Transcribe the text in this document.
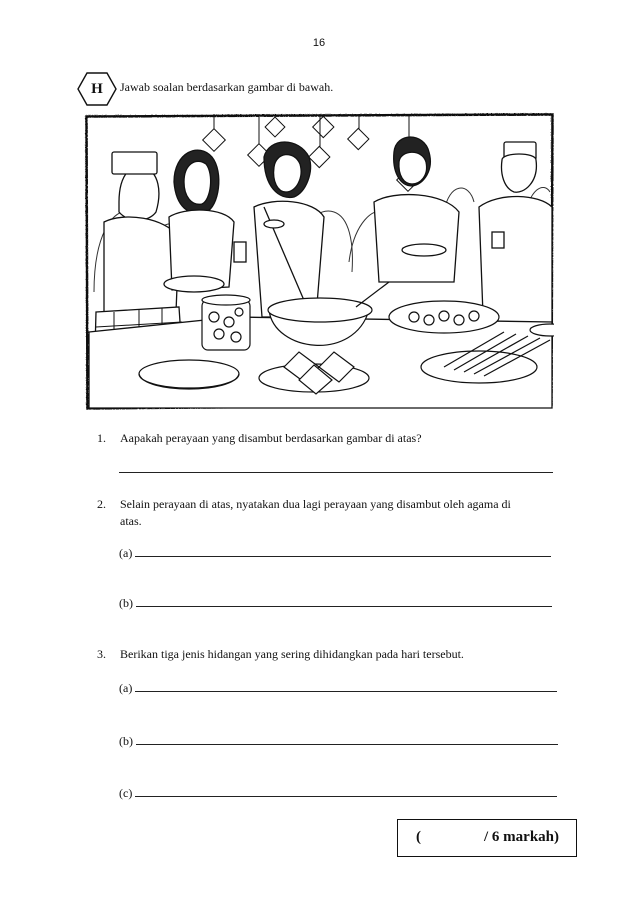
16
H	Jawab soalan berdasarkan gambar di bawah.
1. Aapakah perayaan yang disambut berdasarkan gambar di atas?
2. Selain perayaan di atas, nyatakan dua lagi perayaan yang disambut oleh agama di
atas.
(a)
(b)
3. Berikan tiga jenis hidangan yang sering dihidangkan pada hari tersebut.
(a)
(b)
(c)
(	/ 6 markah)
